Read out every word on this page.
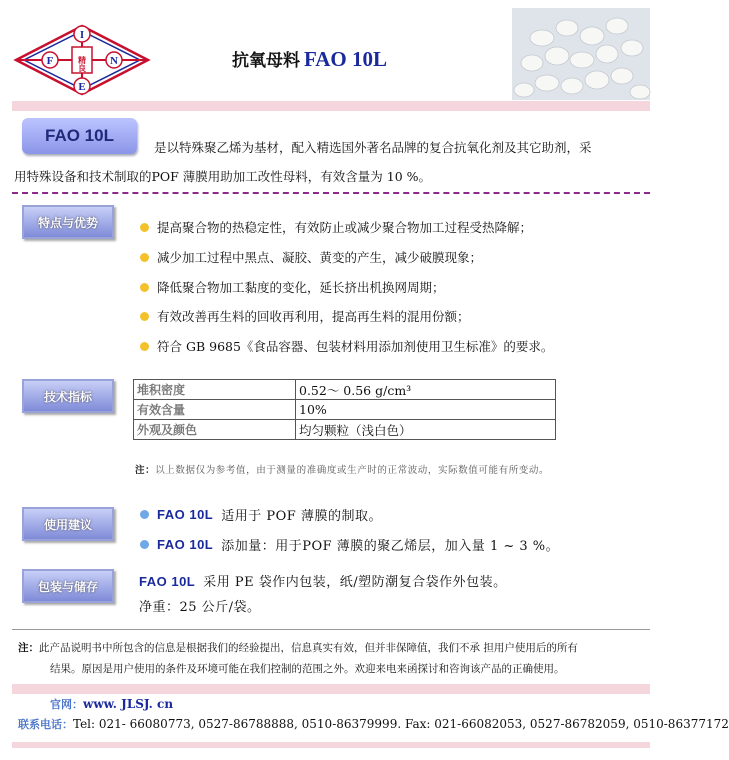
I
F	N
E
精良	抗氧母料 FAO 10L
FAO 10L
是以特殊聚乙烯为基材，配入精选国外著名品牌的复合抗氧化剂及其它助剂，采
用特殊设备和技术制取的POF 薄膜用助加工改性母料，有效含量为 10 %。
特点与优势	提高聚合物的热稳定性，有效防止或减少聚合物加工过程受热降解；
减少加工过程中黑点、凝胶、黄变的产生，减少破膜现象；
降低聚合物加工黏度的变化，延长挤出机换网周期；
有效改善再生料的回收再利用，提高再生料的混用份额；
符合 GB 9685《食品容器、包装材料用添加剂使用卫生标准》的要求。
技术指标	堆积密度	0.52～ 0.56 g/cm³
有效含量	10%
外观及颜色	均匀颗粒（浅白色）
注：以上数据仅为参考值，由于测量的准确度或生产时的正常波动，实际数值可能有所变动。
使用建议
FAO 10L 适用于 POF 薄膜的制取。
FAO 10L 添加量：用于POF 薄膜的聚乙烯层，加入量 1 ~ 3 %。
包装与储存	FAO 10L 采用 PE 袋作内包装，纸/塑防潮复合袋作外包装。
净重：25 公斤/袋。
注：此产品说明书中所包含的信息是根据我们的经验提出，信息真实有效，但并非保障值，我们不承 担用户使用后的所有
结果。原因是用户使用的条件及环境可能在我们控制的范围之外。欢迎来电来函探讨和咨询该产品的正确使用。
官网：www. JLSJ. cn
联系电话：Tel: 021- 66080773, 0527-86788888, 0510-86379999. Fax: 021-66082053, 0527-86782059, 0510-86377172
